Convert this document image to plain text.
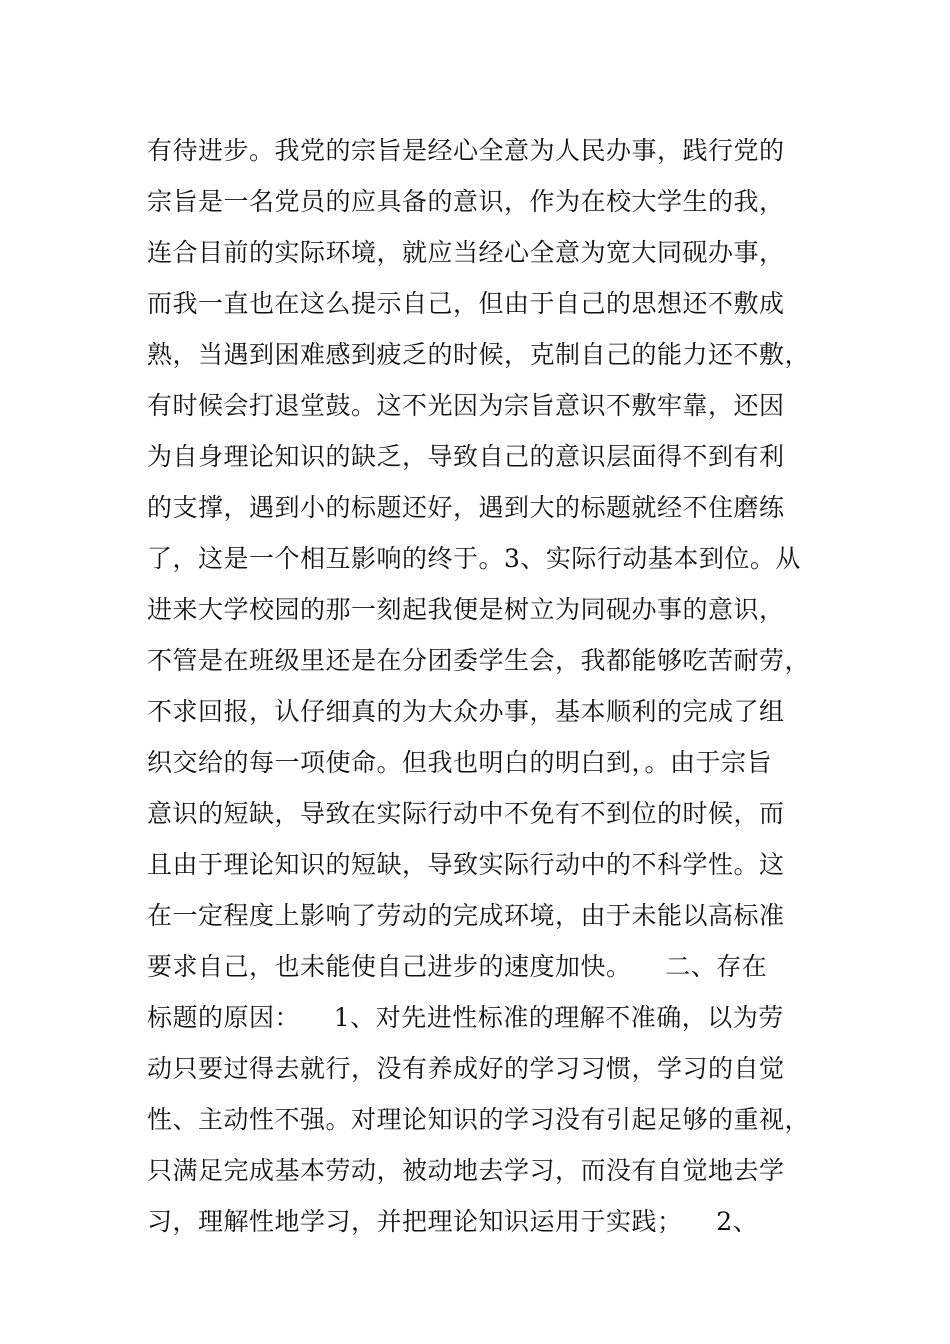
有待进步。我党的宗旨是经心全意为人民办事，践行党的
宗旨是一名党员的应具备的意识，作为在校大学生的我，
连合目前的实际环境，就应当经心全意为宽大同砚办事，
而我一直也在这么提示自己，但由于自己的思想还不敷成
熟，当遇到困难感到疲乏的时候，克制自己的能力还不敷，
有时候会打退堂鼓。这不光因为宗旨意识不敷牢靠，还因
为自身理论知识的缺乏，导致自己的意识层面得不到有利
的支撑，遇到小的标题还好，遇到大的标题就经不住磨练
了，这是一个相互影响的终于。3、实际行动基本到位。从
进来大学校园的那一刻起我便是树立为同砚办事的意识，
不管是在班级里还是在分团委学生会，我都能够吃苦耐劳，
不求回报，认仔细真的为大众办事，基本顺利的完成了组
织交给的每一项使命。但我也明白的明白到，。由于宗旨
意识的短缺，导致在实际行动中不免有不到位的时候，而
且由于理论知识的短缺，导致实际行动中的不科学性。这
在一定程度上影响了劳动的完成环境，由于未能以高标准
要求自己，也未能使自己进步的速度加快。    二、存在
标题的原因：    1、对先进性标准的理解不准确，以为劳
动只要过得去就行，没有养成好的学习习惯，学习的自觉
性、主动性不强。对理论知识的学习没有引起足够的重视，
只满足完成基本劳动，被动地去学习，而没有自觉地去学
习，理解性地学习，并把理论知识运用于实践；    2、
